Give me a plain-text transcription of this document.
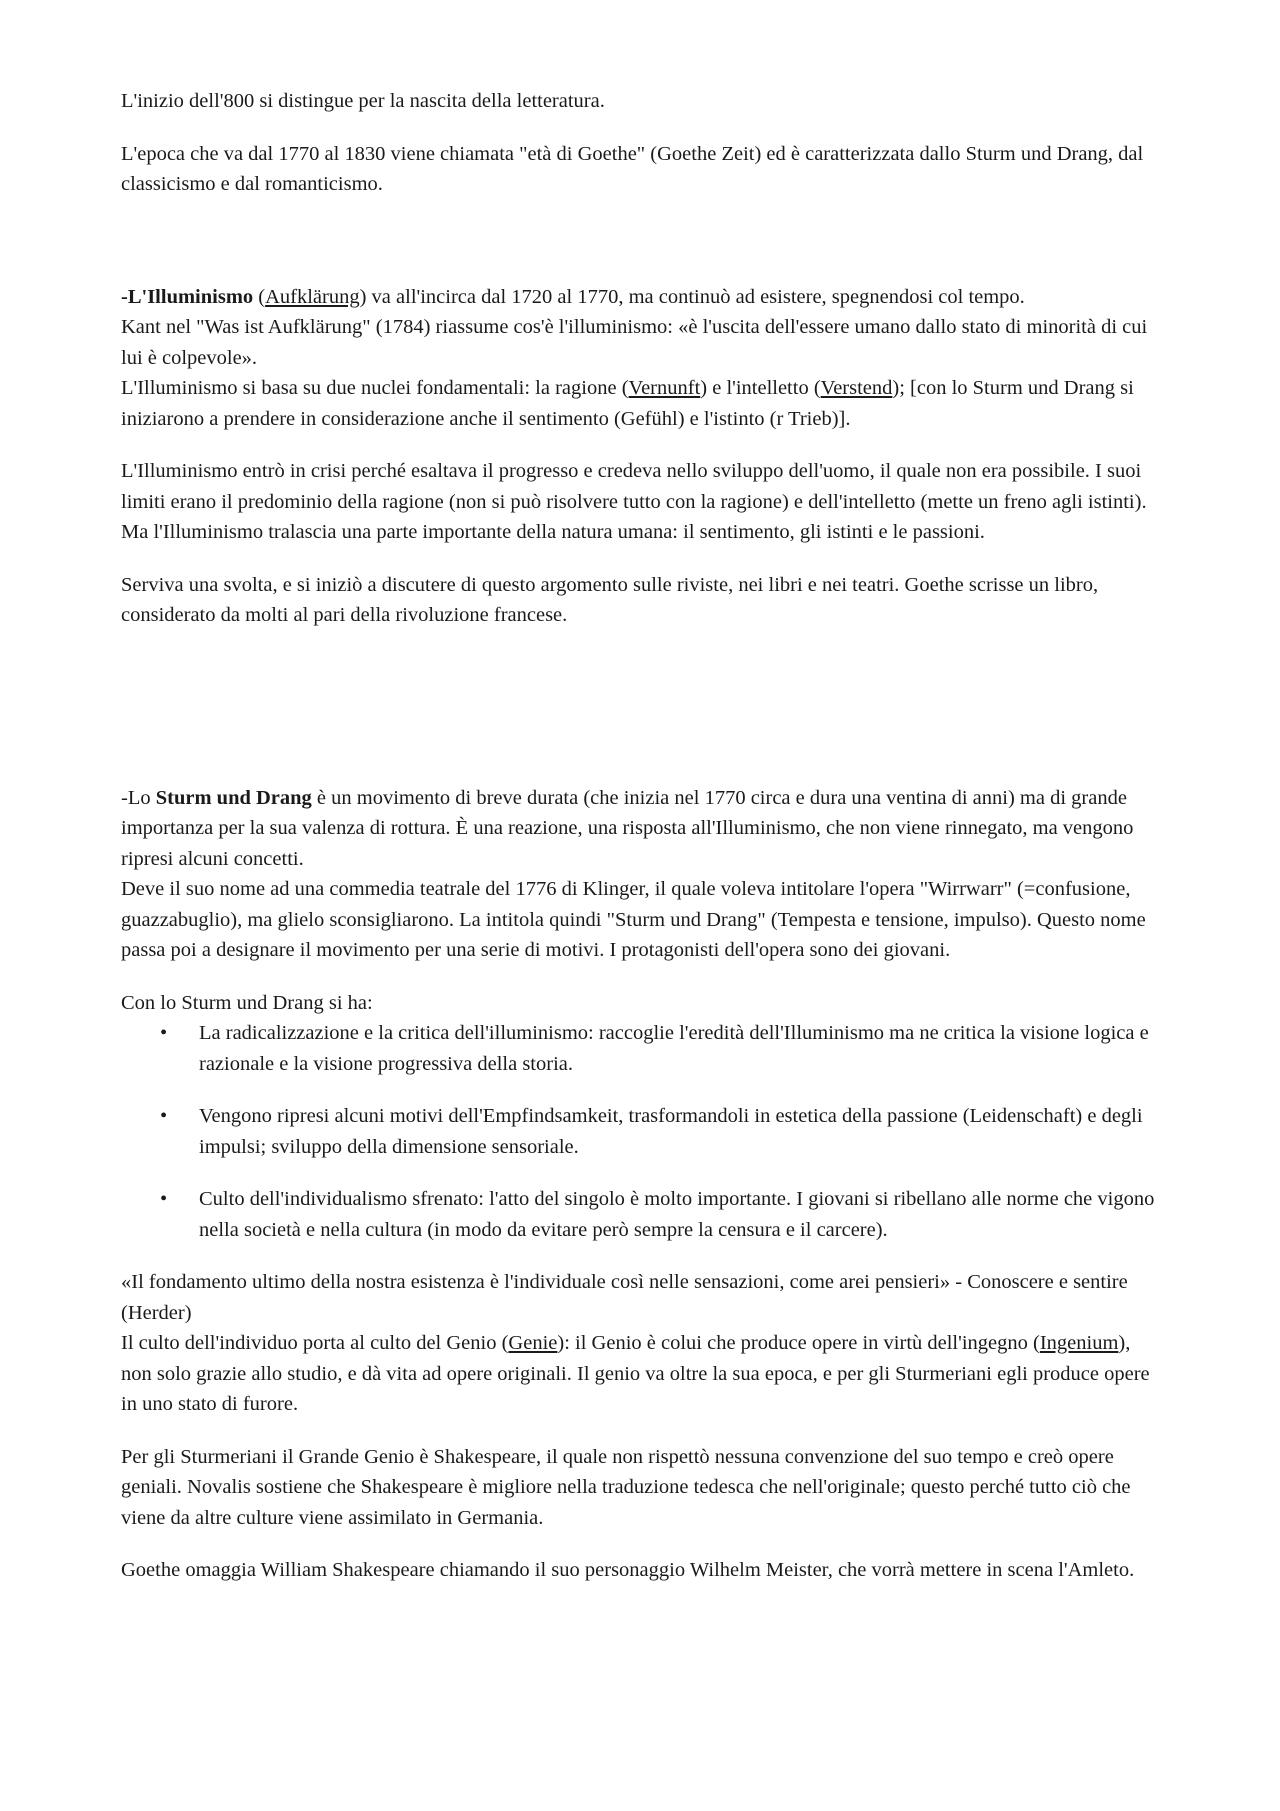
L'inizio dell'800 si distingue per la nascita della letteratura.

L'epoca che va dal 1770 al 1830 viene chiamata "età di Goethe" (Goethe Zeit) ed è caratterizzata dallo Sturm und Drang, dal classicismo e dal romanticismo.

-L'Illuminismo (Aufklärung) va all'incirca dal 1720 al 1770, ma continuò ad esistere, spegnendosi col tempo.
Kant nel "Was ist Aufklärung" (1784) riassume cos'è l'illuminismo: «è l'uscita dell'essere umano dallo stato di minorità di cui lui è colpevole».
L'Illuminismo si basa su due nuclei fondamentali: la ragione (Vernunft) e l'intelletto (Verstend); [con lo Sturm und Drang si iniziarono a prendere in considerazione anche il sentimento (Gefühl) e l'istinto (r Trieb)].

L'Illuminismo entrò in crisi perché esaltava il progresso e credeva nello sviluppo dell'uomo, il quale non era possibile. I suoi limiti erano il predominio della ragione (non si può risolvere tutto con la ragione) e dell'intelletto (mette un freno agli istinti). Ma l'Illuminismo tralascia una parte importante della natura umana: il sentimento, gli istinti e le passioni.

Serviva una svolta, e si iniziò a discutere di questo argomento sulle riviste, nei libri e nei teatri. Goethe scrisse un libro, considerato da molti al pari della rivoluzione francese.

-Lo Sturm und Drang è un movimento di breve durata (che inizia nel 1770 circa e dura una ventina di anni) ma di grande importanza per la sua valenza di rottura. È una reazione, una risposta all'Illuminismo, che non viene rinnegato, ma vengono ripresi alcuni concetti.
Deve il suo nome ad una commedia teatrale del 1776 di Klinger, il quale voleva intitolare l'opera "Wirrwarr" (=confusione, guazzabuglio), ma glielo sconsigliarono. La intitola quindi "Sturm und Drang" (Tempesta e tensione, impulso). Questo nome passa poi a designare il movimento per una serie di motivi. I protagonisti dell'opera sono dei giovani.

Con lo Sturm und Drang si ha:

• La radicalizzazione e la critica dell'illuminismo: raccoglie l'eredità dell'Illuminismo ma ne critica la visione logica e razionale e la visione progressiva della storia.
• Vengono ripresi alcuni motivi dell'Empfindsamkeit, trasformandoli in estetica della passione (Leidenschaft) e degli impulsi; sviluppo della dimensione sensoriale.
• Culto dell'individualismo sfrenato: l'atto del singolo è molto importante. I giovani si ribellano alle norme che vigono nella società e nella cultura (in modo da evitare però sempre la censura e il carcere).

«Il fondamento ultimo della nostra esistenza è l'individuale così nelle sensazioni, come arei pensieri» - Conoscere e sentire (Herder)
Il culto dell'individuo porta al culto del Genio (Genie): il Genio è colui che produce opere in virtù dell'ingegno (Ingenium), non solo grazie allo studio, e dà vita ad opere originali. Il genio va oltre la sua epoca, e per gli Sturmeriani egli produce opere in uno stato di furore.

Per gli Sturmeriani il Grande Genio è Shakespeare, il quale non rispettò nessuna convenzione del suo tempo e creò opere geniali. Novalis sostiene che Shakespeare è migliore nella traduzione tedesca che nell'originale; questo perché tutto ciò che viene da altre culture viene assimilato in Germania.

Goethe omaggia William Shakespeare chiamando il suo personaggio Wilhelm Meister, che vorrà mettere in scena l'Amleto.
